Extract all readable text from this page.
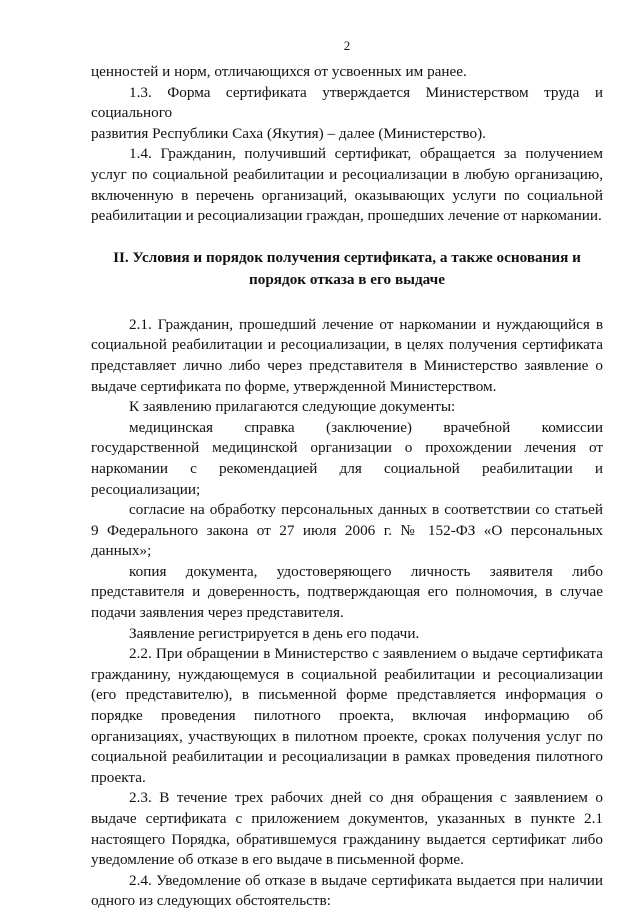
2

ценностей и норм, отличающихся от усвоенных им ранее.

1.3. Форма сертификата утверждается Министерством труда и социального

развития Республики Саха (Якутия) – далее (Министерство).

1.4. Гражданин, получивший сертификат, обращается за получением услуг по социальной реабилитации и ресоциализации в любую организацию, включенную в перечень организаций, оказывающих услуги по социальной реабилитации и ресоциализации граждан, прошедших лечение от наркомании.

II. Условия и порядок получения сертификата, а также основания и порядок отказа в его выдаче

2.1. Гражданин, прошедший лечение от наркомании и нуждающийся в социальной реабилитации и ресоциализации, в целях получения сертификата представляет лично либо через представителя в Министерство заявление о выдаче сертификата по форме, утвержденной Министерством.

К заявлению прилагаются следующие документы:

медицинская справка (заключение) врачебной комиссии государственной медицинской организации о прохождении лечения от наркомании с рекомендацией для социальной реабилитации и ресоциализации;

согласие на обработку персональных данных в соответствии со статьей 9 Федерального закона от 27 июля 2006 г. № 152-ФЗ «О персональных данных»;

копия документа, удостоверяющего личность заявителя либо представителя и доверенность, подтверждающая его полномочия, в случае подачи заявления через представителя.

Заявление регистрируется в день его подачи.

2.2. При обращении в Министерство с заявлением о выдаче сертификата гражданину, нуждающемуся в социальной реабилитации и ресоциализации (его представителю), в письменной форме представляется информация о порядке проведения пилотного проекта, включая информацию об организациях, участвующих в пилотном проекте, сроках получения услуг по социальной реабилитации и ресоциализации в рамках проведения пилотного проекта.

2.3. В течение трех рабочих дней со дня обращения с заявлением о выдаче сертификата с приложением документов, указанных в пункте 2.1 настоящего Порядка, обратившемуся гражданину выдается сертификат либо уведомление об отказе в его выдаче в письменной форме.

2.4. Уведомление об отказе в выдаче сертификата выдается при наличии одного из следующих обстоятельств:
